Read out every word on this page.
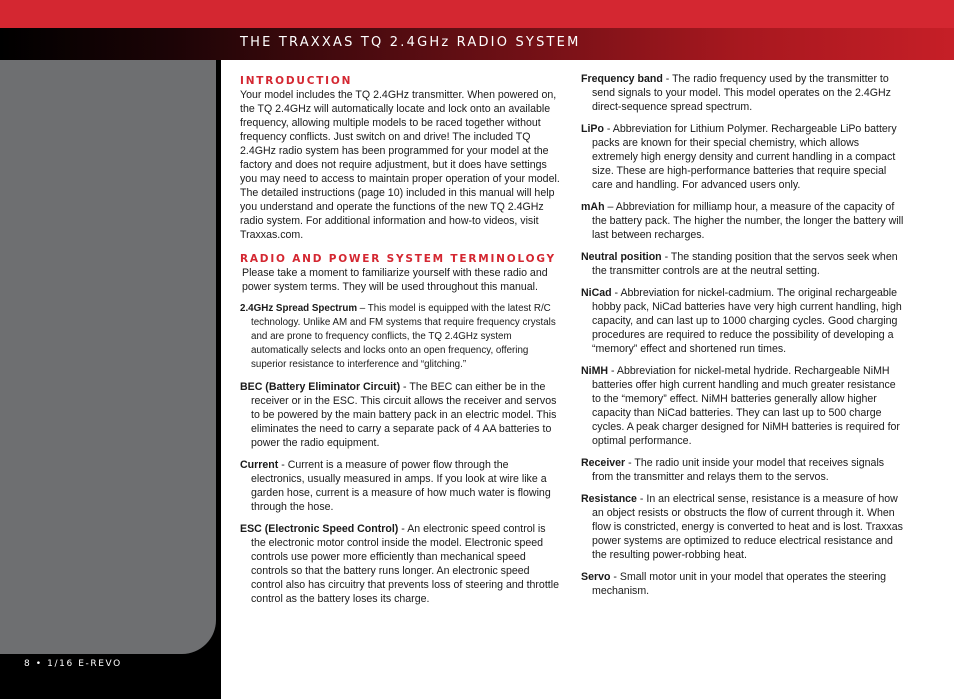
THE TRAXXAS TQ 2.4GHz RADIO SYSTEM
8 • 1/16 E-REVO
INTRODUCTION

Your model includes the TQ 2.4GHz transmitter. When powered on, the TQ 2.4GHz will automatically locate and lock onto an available frequency, allowing multiple models to be raced together without frequency conflicts. Just switch on and drive! The included TQ 2.4GHz radio system has been programmed for your model at the factory and does not require adjustment, but it does have settings you may need to access to maintain proper operation of your model. The detailed instructions (page 10) included in this manual will help you understand and operate the functions of the new TQ 2.4GHz radio system. For additional information and how-to videos, visit Traxxas.com.

RADIO AND POWER SYSTEM TERMINOLOGY

Please take a moment to familiarize yourself with these radio and power system terms. They will be used throughout this manual.

2.4GHz Spread Spectrum – This model is equipped with the latest R/C technology. Unlike AM and FM systems that require frequency crystals and are prone to frequency conflicts, the TQ 2.4GHz system automatically selects and locks onto an open frequency, offering superior resistance to interference and “glitching.”
BEC (Battery Eliminator Circuit) - The BEC can either be in the receiver or in the ESC. This circuit allows the receiver and servos to be powered by the main battery pack in an electric model. This eliminates the need to carry a separate pack of 4 AA batteries to power the radio equipment.
Current - Current is a measure of power flow through the electronics, usually measured in amps. If you look at wire like a garden hose, current is a measure of how much water is flowing through the hose.
ESC (Electronic Speed Control) - An electronic speed control is the electronic motor control inside the model. Electronic speed controls use power more efficiently than mechanical speed controls so that the battery runs longer. An electronic speed control also has circuitry that prevents loss of steering and throttle control as the battery loses its charge.
Frequency band - The radio frequency used by the transmitter to send signals to your model. This model operates on the 2.4GHz direct-sequence spread spectrum.
LiPo - Abbreviation for Lithium Polymer. Rechargeable LiPo battery packs are known for their special chemistry, which allows extremely high energy density and current handling in a compact size. These are high-performance batteries that require special care and handling. For advanced users only.
mAh – Abbreviation for milliamp hour, a measure of the capacity of the battery pack. The higher the number, the longer the battery will last between recharges.
Neutral position - The standing position that the servos seek when the transmitter controls are at the neutral setting.
NiCad - Abbreviation for nickel-cadmium. The original rechargeable hobby pack, NiCad batteries have very high current handling, high capacity, and can last up to 1000 charging cycles. Good charging procedures are required to reduce the possibility of developing a “memory” effect and shortened run times.
NiMH - Abbreviation for nickel-metal hydride. Rechargeable NiMH batteries offer high current handling and much greater resistance to the “memory” effect. NiMH batteries generally allow higher capacity than NiCad batteries. They can last up to 500 charge cycles. A peak charger designed for NiMH batteries is required for optimal performance.
Receiver - The radio unit inside your model that receives signals from the transmitter and relays them to the servos.
Resistance - In an electrical sense, resistance is a measure of how an object resists or obstructs the flow of current through it. When flow is constricted, energy is converted to heat and is lost. Traxxas power systems are optimized to reduce electrical resistance and the resulting power-robbing heat.
Servo - Small motor unit in your model that operates the steering mechanism.
